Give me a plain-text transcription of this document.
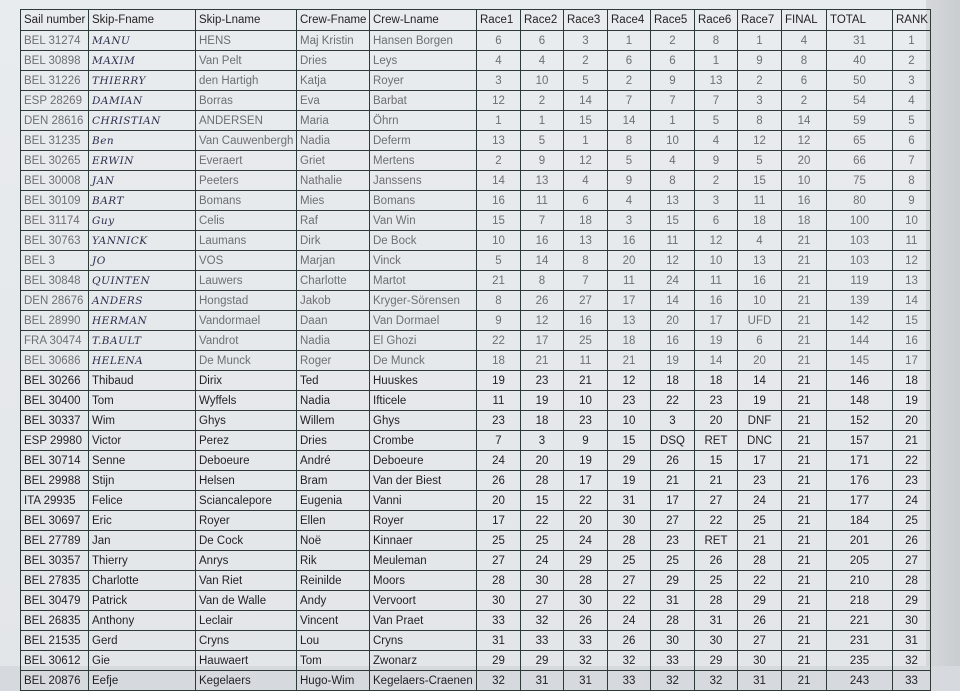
Sail number	Skip-Fname	Skip-Lname	Crew-Fname	Crew-Lname	Race1	Race2	Race3	Race4	Race5	Race6	Race7	FINAL	TOTAL	RANK
BEL 31274	MANU	HENS	Maj Kristin	Hansen Borgen	6	6	3	1	2	8	1	4	31	1
BEL 30898	MAXIM	Van Pelt	Dries	Leys	4	4	2	6	6	1	9	8	40	2
BEL 31226	THIERRY	den Hartigh	Katja	Royer	3	10	5	2	9	13	2	6	50	3
ESP 28269	DAMIAN	Borras	Eva	Barbat	12	2	14	7	7	7	3	2	54	4
DEN 28616	CHRISTIAN	ANDERSEN	Maria	Öhrn	1	1	15	14	1	5	8	14	59	5
BEL 31235	Ben	Van Cauwenbergh	Nadia	Deferm	13	5	1	8	10	4	12	12	65	6
BEL 30265	ERWIN	Everaert	Griet	Mertens	2	9	12	5	4	9	5	20	66	7
BEL 30008	JAN	Peeters	Nathalie	Janssens	14	13	4	9	8	2	15	10	75	8
BEL 30109	BART	Bomans	Mies	Bomans	16	11	6	4	13	3	11	16	80	9
BEL 31174	Guy	Celis	Raf	Van Win	15	7	18	3	15	6	18	18	100	10
BEL 30763	YANNICK	Laumans	Dirk	De Bock	10	16	13	16	11	12	4	21	103	11
BEL 3	JO	VOS	Marjan	Vinck	5	14	8	20	12	10	13	21	103	12
BEL 30848	QUINTEN	Lauwers	Charlotte	Martot	21	8	7	11	24	11	16	21	119	13
DEN 28676	ANDERS	Hongstad	Jakob	Kryger-Sörensen	8	26	27	17	14	16	10	21	139	14
BEL 28990	HERMAN	Vandormael	Daan	Van Dormael	9	12	16	13	20	17	UFD	21	142	15
FRA 30474	T.BAULT	Vandrot	Nadia	El Ghozi	22	17	25	18	16	19	6	21	144	16
BEL 30686	HELENA	De Munck	Roger	De Munck	18	21	11	21	19	14	20	21	145	17
BEL 30266	Thibaud	Dirix	Ted	Huuskes	19	23	21	12	18	18	14	21	146	18
BEL 30400	Tom	Wyffels	Nadia	Ifticele	11	19	10	23	22	23	19	21	148	19
BEL 30337	Wim	Ghys	Willem	Ghys	23	18	23	10	3	20	DNF	21	152	20
ESP 29980	Victor	Perez	Dries	Crombe	7	3	9	15	DSQ	RET	DNC	21	157	21
BEL 30714	Senne	Deboeure	André	Deboeure	24	20	19	29	26	15	17	21	171	22
BEL 29988	Stijn	Helsen	Bram	Van der Biest	26	28	17	19	21	21	23	21	176	23
ITA 29935	Felice	Sciancalepore	Eugenia	Vanni	20	15	22	31	17	27	24	21	177	24
BEL 30697	Eric	Royer	Ellen	Royer	17	22	20	30	27	22	25	21	184	25
BEL 27789	Jan	De Cock	Noë	Kinnaer	25	25	24	28	23	RET	21	21	201	26
BEL 30357	Thierry	Anrys	Rik	Meuleman	27	24	29	25	25	26	28	21	205	27
BEL 27835	Charlotte	Van Riet	Reinilde	Moors	28	30	28	27	29	25	22	21	210	28
BEL 30479	Patrick	Van de Walle	Andy	Vervoort	30	27	30	22	31	28	29	21	218	29
BEL 26835	Anthony	Leclair	Vincent	Van Praet	33	32	26	24	28	31	26	21	221	30
BEL 21535	Gerd	Cryns	Lou	Cryns	31	33	33	26	30	30	27	21	231	31
BEL 30612	Gie	Hauwaert	Tom	Zwonarz	29	29	32	32	33	29	30	21	235	32
BEL 20876	Eefje	Kegelaers	Hugo-Wim	Kegelaers-Craenen	32	31	31	33	32	32	31	21	243	33
